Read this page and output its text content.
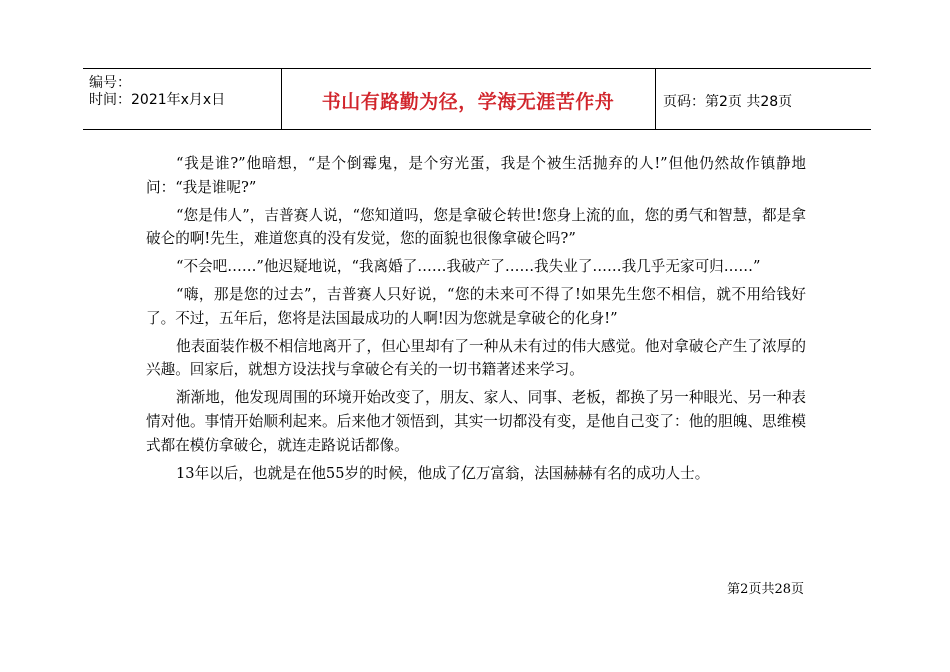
编号：
时间：2021年x月x日	书山有路勤为径，学海无涯苦作舟	页码：第2页 共28页

“我是谁?”他暗想，“是个倒霉鬼，是个穷光蛋，我是个被生活抛弃的人!”但他仍然故作镇静地问：“我是谁呢?”

“您是伟人”，吉普赛人说，“您知道吗，您是拿破仑转世!您身上流的血，您的勇气和智慧，都是拿破仑的啊!先生，难道您真的没有发觉，您的面貌也很像拿破仑吗?”

“不会吧……”他迟疑地说，“我离婚了……我破产了……我失业了……我几乎无家可归……”

“嗨，那是您的过去”，吉普赛人只好说，“您的未来可不得了!如果先生您不相信，就不用给钱好了。不过，五年后，您将是法国最成功的人啊!因为您就是拿破仑的化身!”

他表面装作极不相信地离开了，但心里却有了一种从未有过的伟大感觉。他对拿破仑产生了浓厚的兴趣。回家后，就想方设法找与拿破仑有关的一切书籍著述来学习。

渐渐地，他发现周围的环境开始改变了，朋友、家人、同事、老板，都换了另一种眼光、另一种表情对他。事情开始顺利起来。后来他才领悟到，其实一切都没有变，是他自己变了：他的胆魄、思维模式都在模仿拿破仑，就连走路说话都像。

13年以后，也就是在他55岁的时候，他成了亿万富翁，法国赫赫有名的成功人士。

第2页共28页
